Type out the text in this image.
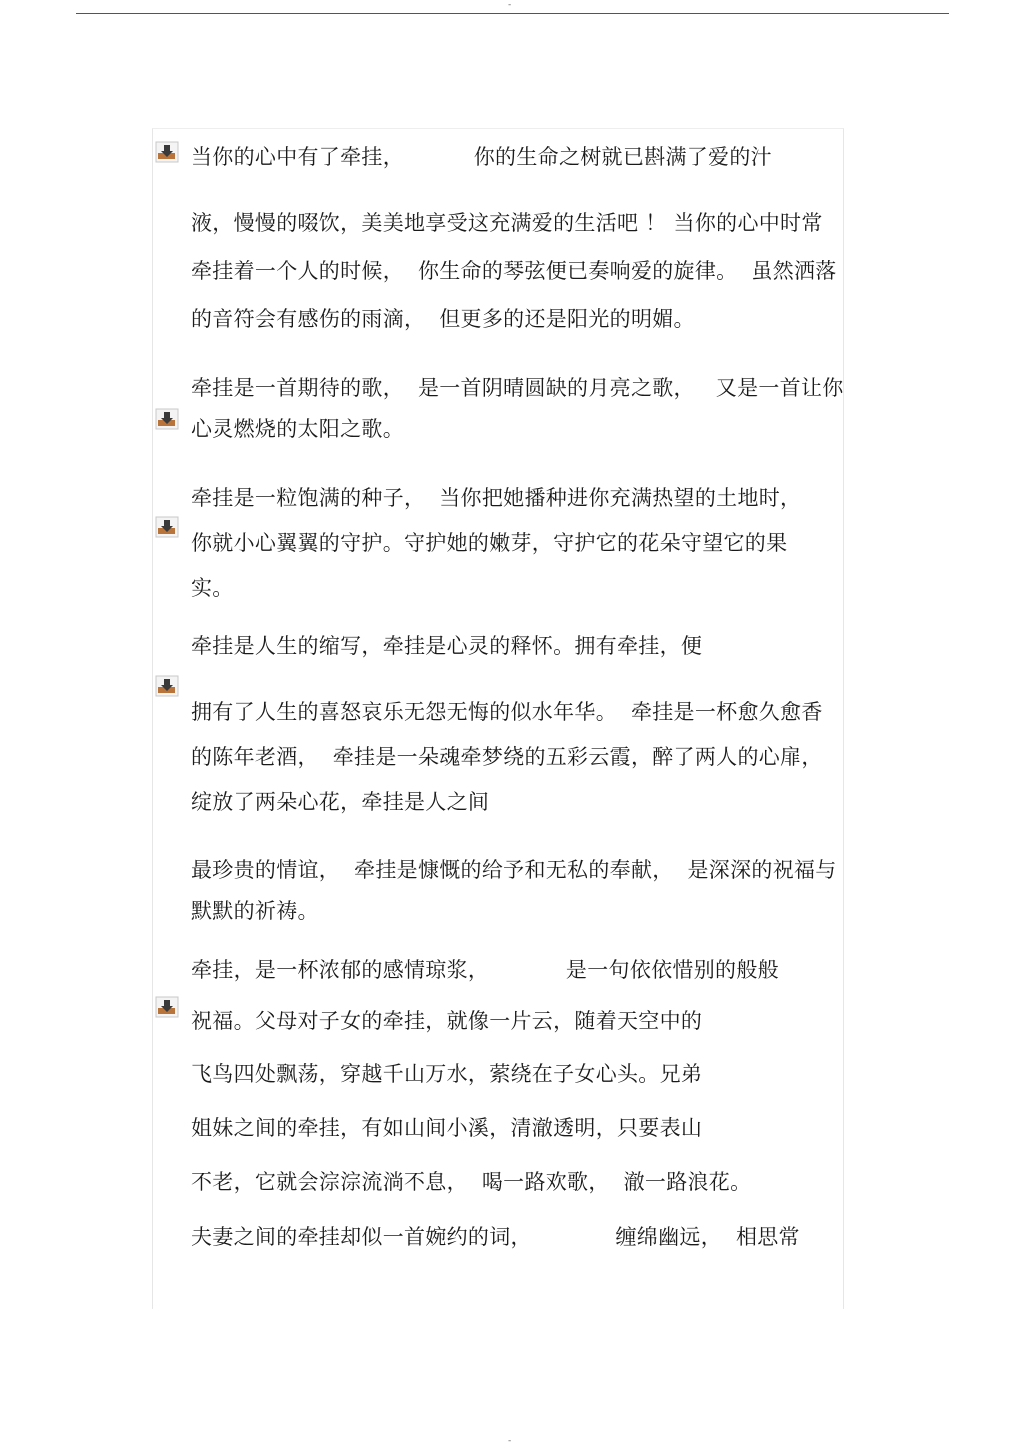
-
当你的心中有了牵挂，          你的生命之树就已斟满了爱的汁
液，慢慢的啜饮，美美地享受这充满爱的生活吧 ！ 当你的心中时常
牵挂着一个人的时候，  你生命的琴弦便已奏响爱的旋律。  虽然洒落
的音符会有感伤的雨滴，  但更多的还是阳光的明媚。
牵挂是一首期待的歌，  是一首阴晴圆缺的月亮之歌，   又是一首让你
心灵燃烧的太阳之歌。
牵挂是一粒饱满的种子，  当你把她播种进你充满热望的土地时，
你就小心翼翼的守护。守护她的嫩芽，守护它的花朵守望它的果
实。
牵挂是人生的缩写，牵挂是心灵的释怀。拥有牵挂，便
拥有了人生的喜怒哀乐无怨无悔的似水年华。  牵挂是一杯愈久愈香
的陈年老酒，  牵挂是一朵魂牵梦绕的五彩云霞，醉了两人的心扉，
绽放了两朵心花，牵挂是人之间
最珍贵的情谊，  牵挂是慷慨的给予和无私的奉献，  是深深的祝福与
默默的祈祷。
牵挂，是一杯浓郁的感情琼浆，           是一句依依惜别的般般
祝福。父母对子女的牵挂，就像一片云，随着天空中的
飞鸟四处飘荡，穿越千山万水，萦绕在子女心头。兄弟
姐妹之间的牵挂，有如山间小溪，清澈透明，只要表山
不老，它就会淙淙流淌不息，  喝一路欢歌，  澈一路浪花。
夫妻之间的牵挂却似一首婉约的词，            缠绵幽远，  相思常
-
